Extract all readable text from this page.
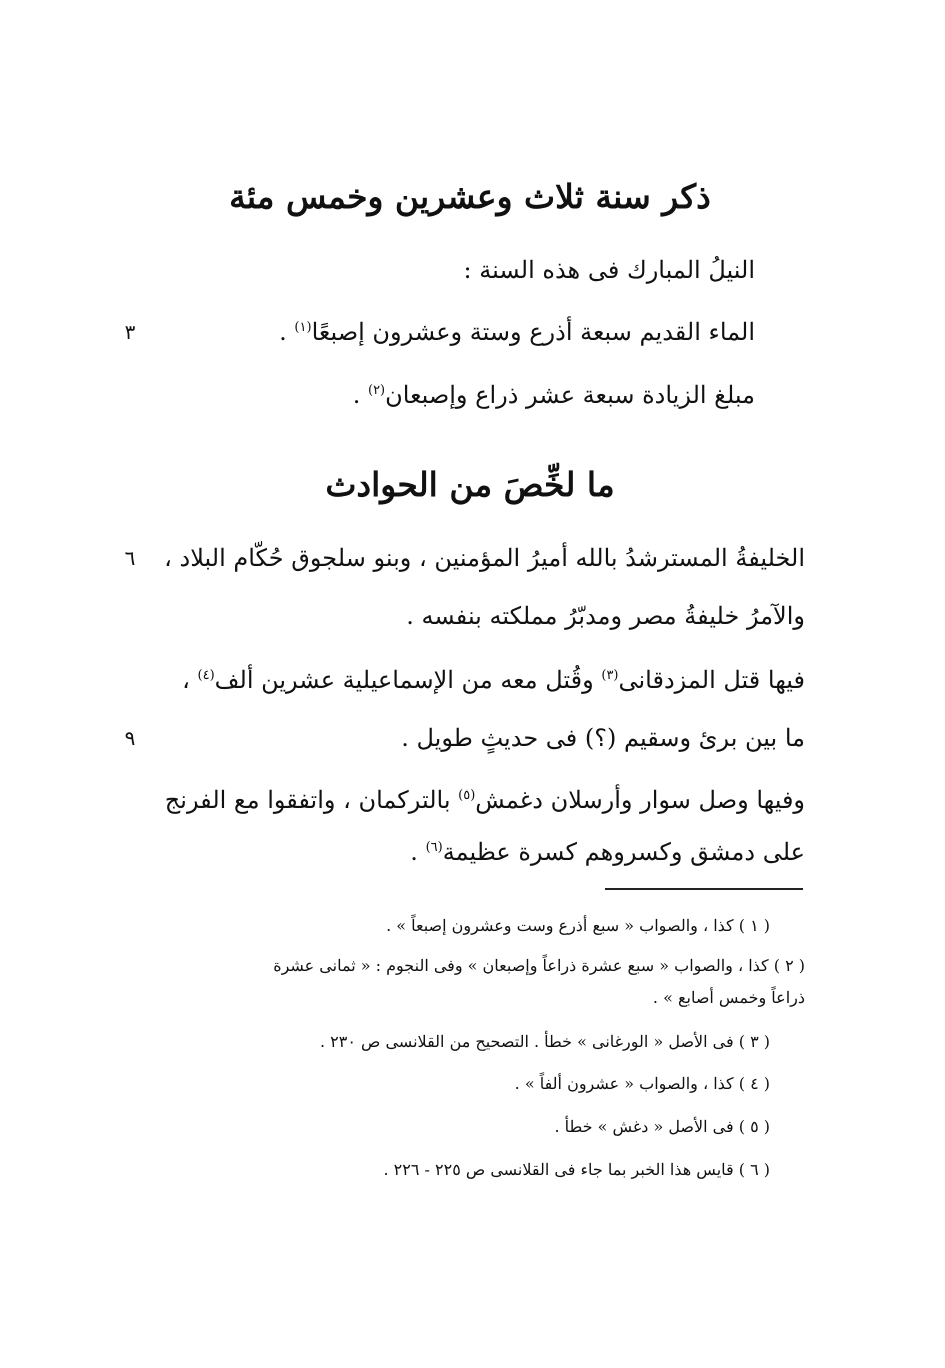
ذكر سنة ثلاث وعشرين وخمس مئة
النيلُ المبارك فى هذه السنة :
الماء القديم سبعة أذرع وستة وعشرون إصبعًا$^{(١)}$ .
٣
مبلغ الزيادة سبعة عشر ذراع وإصبعان$^{(٢)}$ .
ما لخِّصَ من الحوادث
الخليفةُ المسترشدُ بالله أميرُ المؤمنين ، وبنو سلجوق حُكّام البلاد ،
٦
والآمرُ خليفةُ مصر ومدبّرُ مملكته بنفسه .
فيها قتل المزدقانى$^{(٣)}$ وقُتل معه من الإسماعيلية عشرين ألف$^{(٤)}$ ،
ما بين برئ وسقيم (؟) فى حديثٍ طويل .
٩
وفيها وصل سوار وأرسلان دغمش$^{(٥)}$ بالتركمان ، واتفقوا مع الفرنج
على دمشق وكسروهم كسرة عظيمة$^{(٦)}$ .
( ١ ) كذا ، والصواب « سبع أذرع وست وعشرون إصبعاً » .
( ٢ ) كذا ، والصواب « سبع عشرة ذراعاً وإصبعان » وفى النجوم : « ثمانى عشرة
ذراعاً وخمس أصابع » .
( ٣ ) فى الأصل « الورغانى » خطأ . التصحيح من القلانسى ص ٢٣٠ .
( ٤ ) كذا ، والصواب « عشرون ألفاً » .
( ٥ ) فى الأصل « دغش » خطأ .
( ٦ ) قايس هذا الخبر بما جاء فى القلانسى ص ٢٢٥ - ٢٢٦ .
